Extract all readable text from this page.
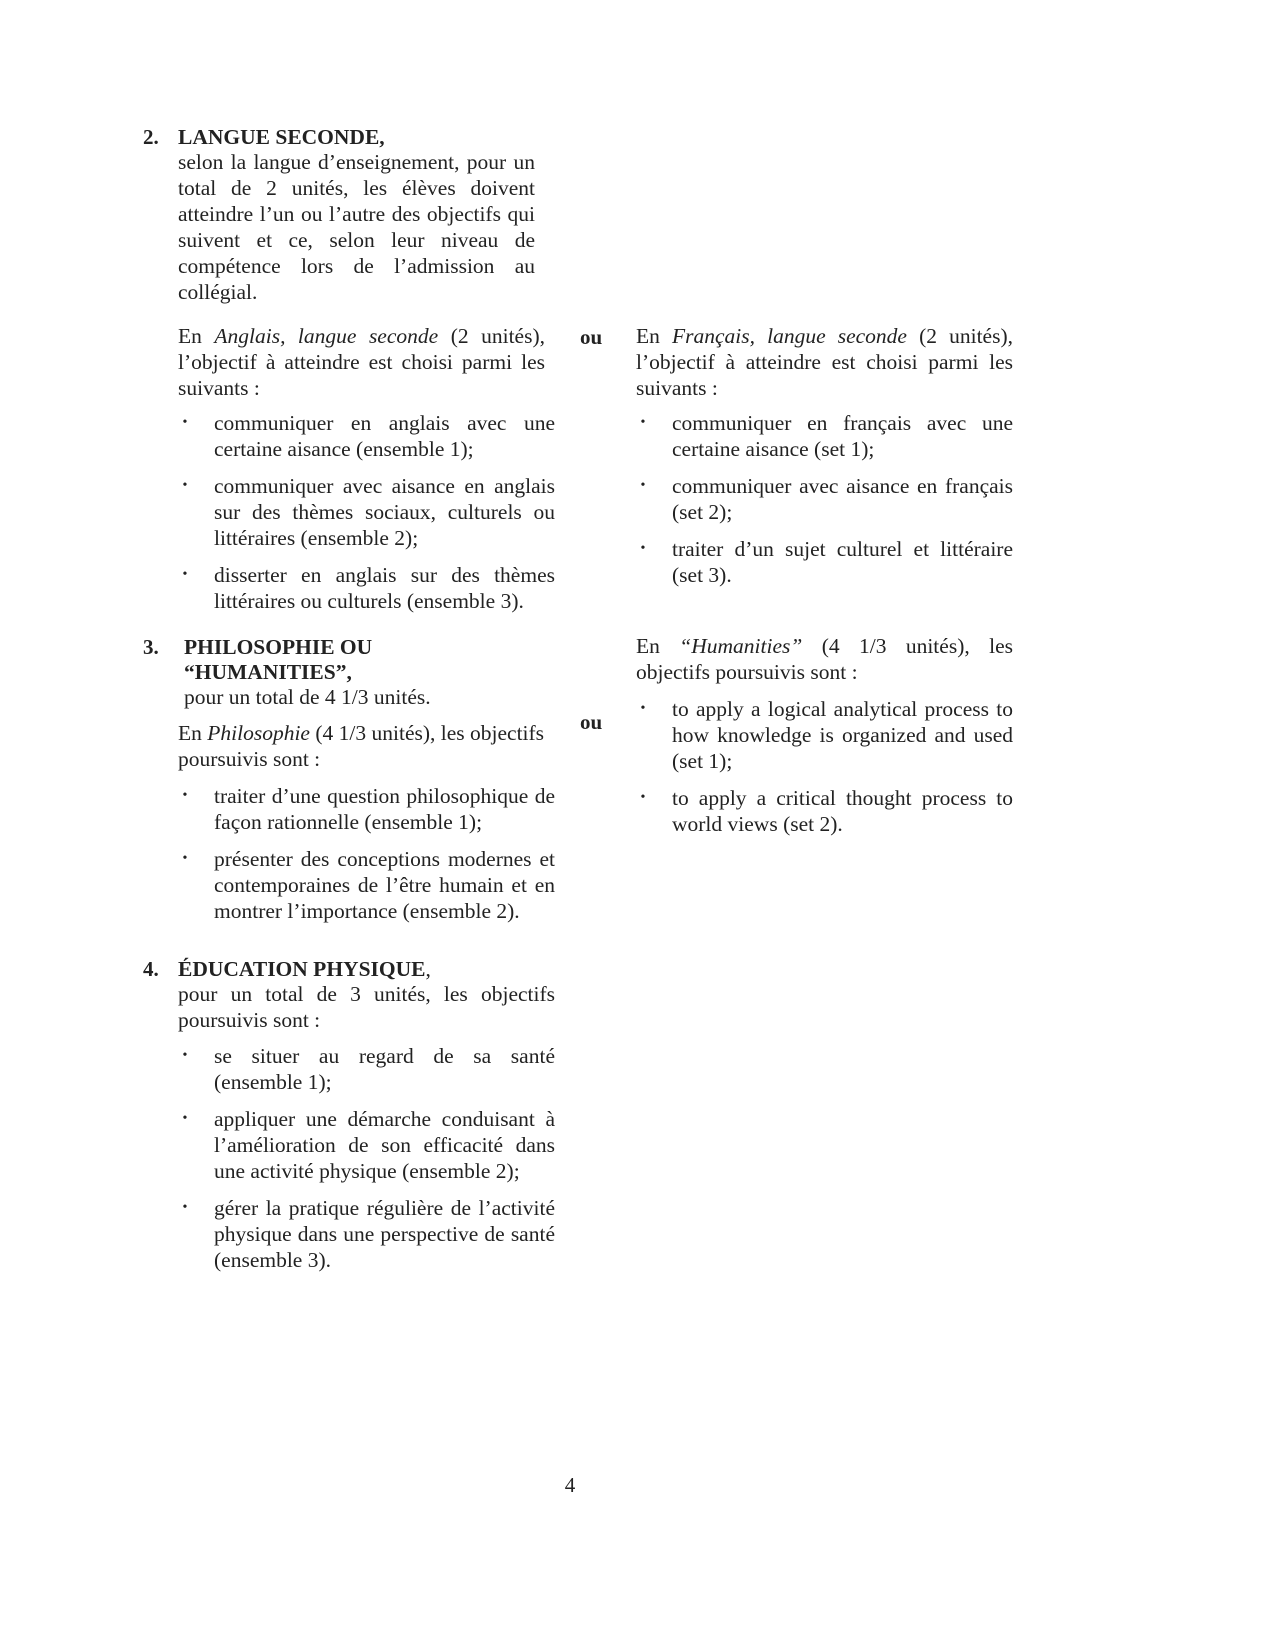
2. LANGUE SECONDE,
selon la langue d’enseignement, pour un total de 2 unités, les élèves doivent atteindre l’un ou l’autre des objectifs qui suivent et ce, selon leur niveau de compétence lors de l’admission au collégial.
En Anglais, langue seconde (2 unités), l’objectif à atteindre est choisi parmi les suivants :
• communiquer en anglais avec une certaine aisance (ensemble 1);
• communiquer avec aisance en anglais sur des thèmes sociaux, culturels ou littéraires (ensemble 2);
• disserter en anglais sur des thèmes littéraires ou culturels (ensemble 3).
ou En Français, langue seconde (2 unités), l’objectif à atteindre est choisi parmi les suivants :
• communiquer en français avec une certaine aisance (set 1);
• communiquer avec aisance en français (set 2);
• traiter d’un sujet culturel et littéraire (set 3).
3. PHILOSOPHIE OU
“HUMANITIES”,
pour un total de 4 1/3 unités.
En Philosophie (4 1/3 unités), les objectifs poursuivis sont :
• traiter d’une question philosophique de façon rationnelle (ensemble 1);
• présenter des conceptions modernes et contemporaines de l’être humain et en montrer l’importance (ensemble 2).
ou
En “Humanities” (4 1/3 unités), les objectifs poursuivis sont :
• to apply a logical analytical process to how knowledge is organized and used (set 1);
• to apply a critical thought process to world views (set 2).
4. ÉDUCATION PHYSIQUE,
pour un total de 3 unités, les objectifs poursuivis sont :
• se situer au regard de sa santé (ensemble 1);
• appliquer une démarche conduisant à l’amélioration de son efficacité dans une activité physique (ensemble 2);
• gérer la pratique régulière de l’activité physique dans une perspective de santé (ensemble 3).
4
